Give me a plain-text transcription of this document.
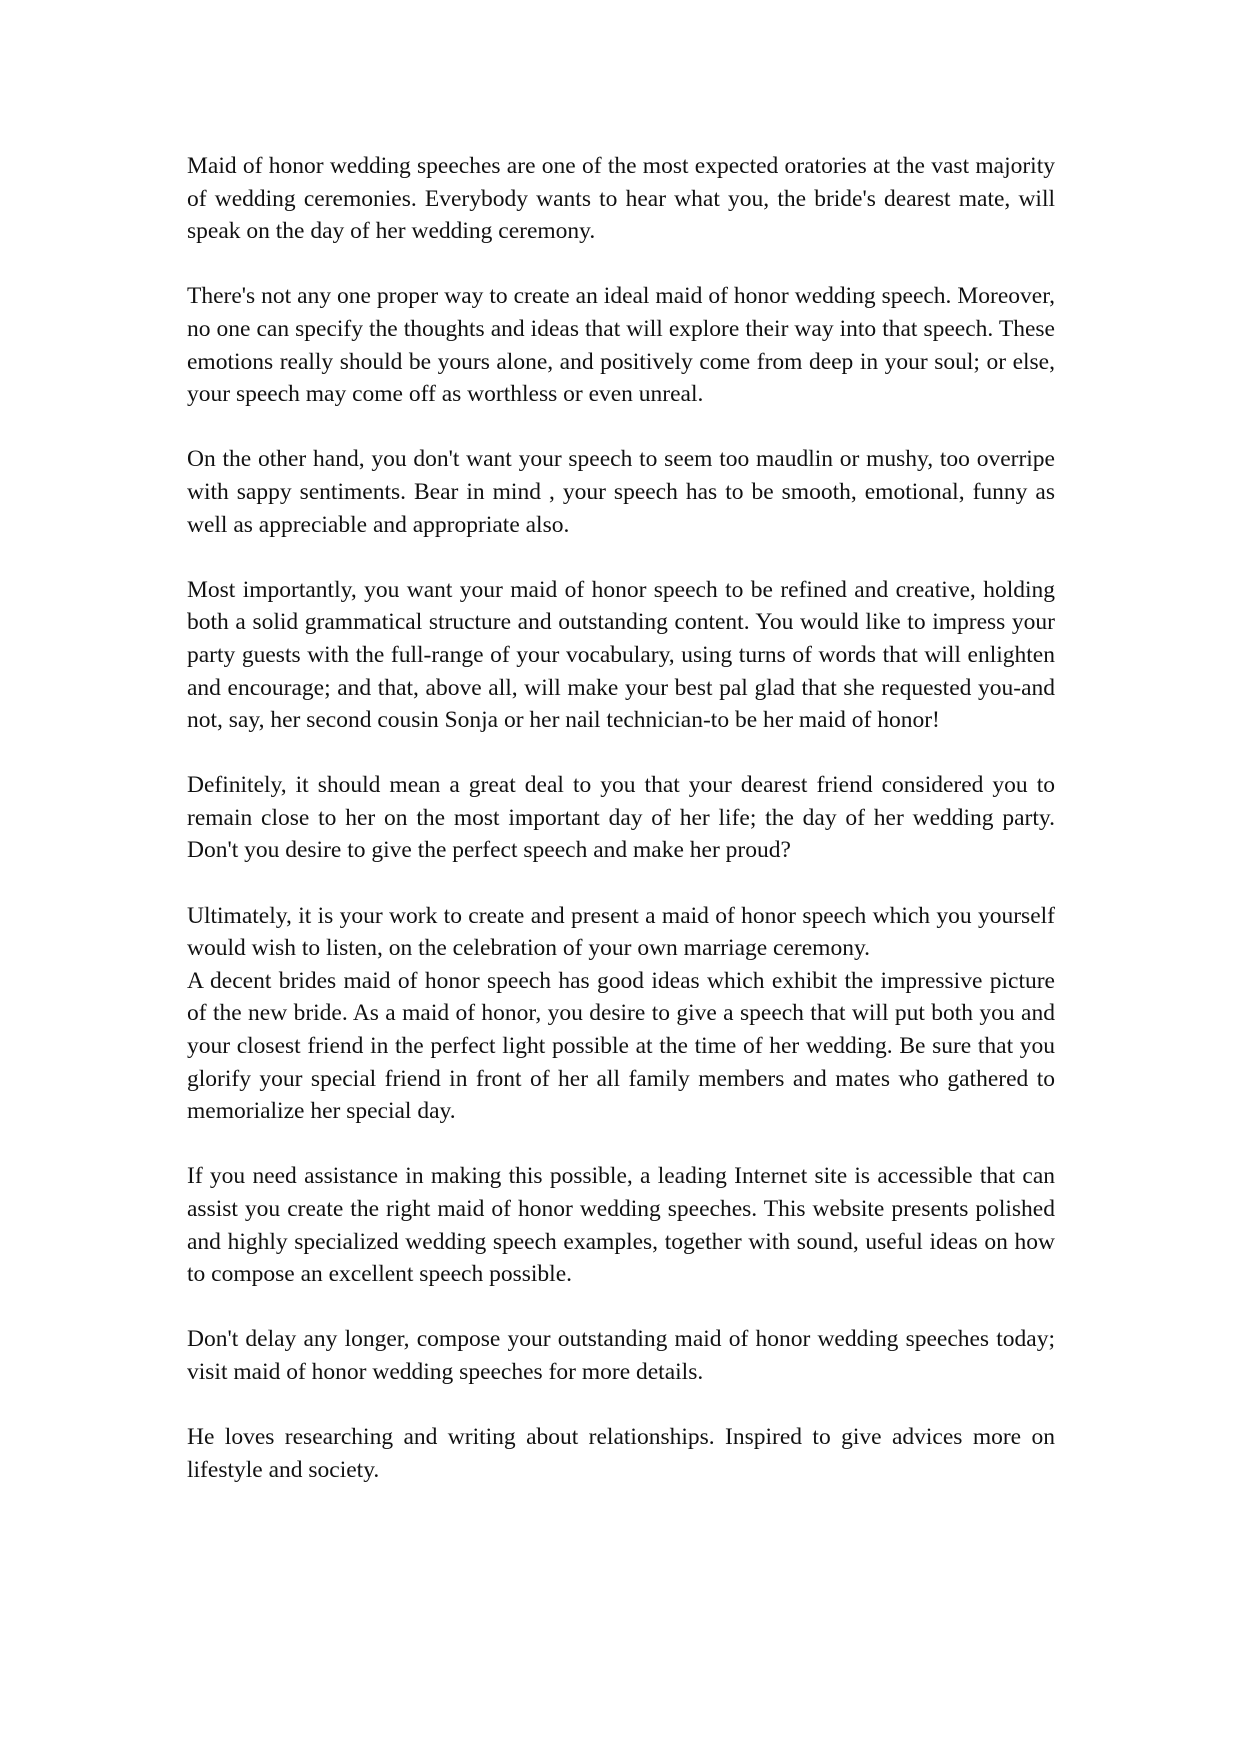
Maid of honor wedding speeches are one of the most expected oratories at the vast majority of wedding ceremonies. Everybody wants to hear what you, the bride's dearest mate, will speak on the day of her wedding ceremony.

There's not any one proper way to create an ideal maid of honor wedding speech. Moreover, no one can specify the thoughts and ideas that will explore their way into that speech. These emotions really should be yours alone, and positively come from deep in your soul; or else, your speech may come off as worthless or even unreal.

On the other hand, you don't want your speech to seem too maudlin or mushy, too overripe with sappy sentiments. Bear in mind , your speech has to be smooth, emotional, funny as well as appreciable and appropriate also.

Most importantly, you want your maid of honor speech to be refined and creative, holding both a solid grammatical structure and outstanding content. You would like to impress your party guests with the full-range of your vocabulary, using turns of words that will enlighten and encourage; and that, above all, will make your best pal glad that she requested you-and not, say, her second cousin Sonja or her nail technician-to be her maid of honor!

Definitely, it should mean a great deal to you that your dearest friend considered you to remain close to her on the most important day of her life; the day of her wedding party. Don't you desire to give the perfect speech and make her proud?

Ultimately, it is your work to create and present a maid of honor speech which you yourself would wish to listen, on the celebration of your own marriage ceremony.

A decent brides maid of honor speech has good ideas which exhibit the impressive picture of the new bride. As a maid of honor, you desire to give a speech that will put both you and your closest friend in the perfect light possible at the time of her wedding. Be sure that you glorify your special friend in front of her all family members and mates who gathered to memorialize her special day.

If you need assistance in making this possible, a leading Internet site is accessible that can assist you create the right maid of honor wedding speeches. This website presents polished and highly specialized wedding speech examples, together with sound, useful ideas on how to compose an excellent speech possible.

Don't delay any longer, compose your outstanding maid of honor wedding speeches today; visit maid of honor wedding speeches for more details.

He loves researching and writing about relationships. Inspired to give advices more on lifestyle and society.
